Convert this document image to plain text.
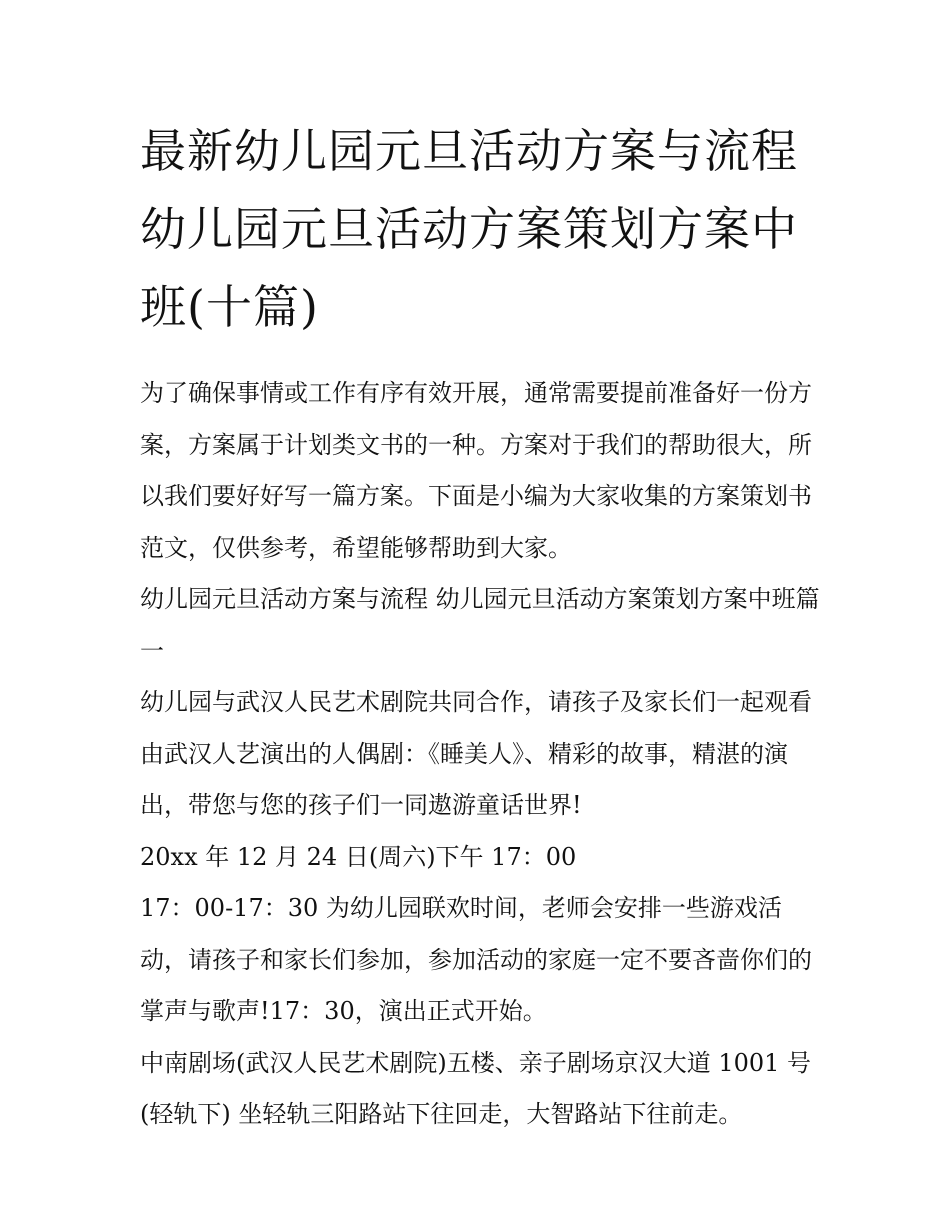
最新幼儿园元旦活动方案与流程 幼儿园元旦活动方案策划方案中班(十篇)

为了确保事情或工作有序有效开展，通常需要提前准备好一份方案，方案属于计划类文书的一种。方案对于我们的帮助很大，所以我们要好好写一篇方案。下面是小编为大家收集的方案策划书范文，仅供参考，希望能够帮助到大家。

幼儿园元旦活动方案与流程 幼儿园元旦活动方案策划方案中班篇一

幼儿园与武汉人民艺术剧院共同合作，请孩子及家长们一起观看由武汉人艺演出的人偶剧：《睡美人》、精彩的故事，精湛的演出，带您与您的孩子们一同遨游童话世界!

20xx 年 12 月 24 日(周六)下午 17：00

17：00-17：30 为幼儿园联欢时间，老师会安排一些游戏活动，请孩子和家长们参加，参加活动的家庭一定不要吝啬你们的掌声与歌声!17：30，演出正式开始。

中南剧场(武汉人民艺术剧院)五楼、亲子剧场京汉大道 1001 号(轻轨下) 坐轻轨三阳路站下往回走，大智路站下往前走。
